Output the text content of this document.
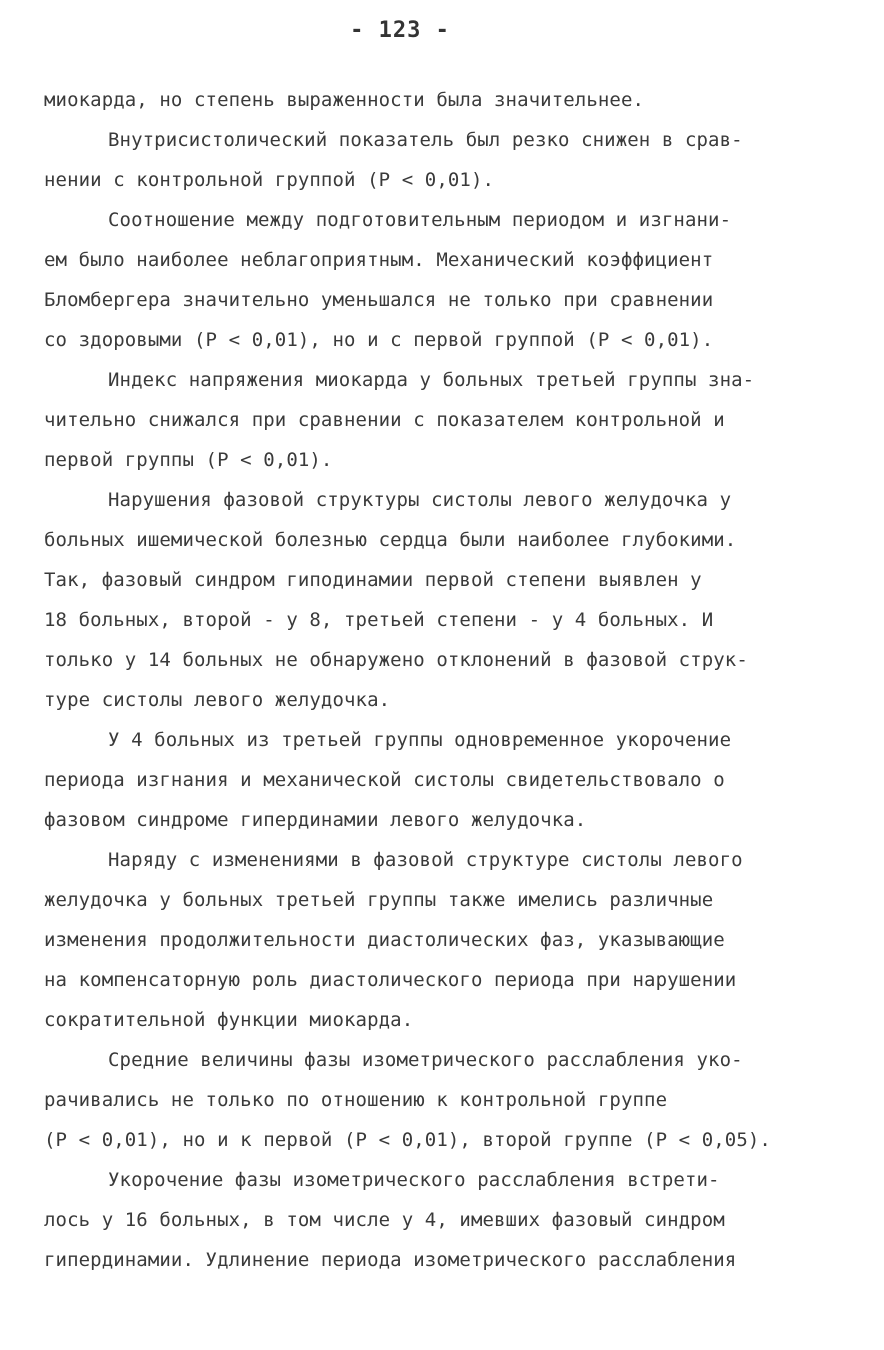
- 123 -
миокарда, но степень выраженности была значительнее.
Внутрисистолический показатель был резко снижен в срав-
нении с контрольной группой (Р < 0,01).
Соотношение между подготовительным периодом и изгнани-
ем было наиболее неблагоприятным. Механический коэффициент
Бломбергера значительно уменьшался не только при сравнении
со здоровыми (Р < 0,01), но и с первой группой (Р < 0,01).
Индекс напряжения миокарда у больных третьей группы зна-
чительно снижался при сравнении с показателем контрольной и
первой группы (Р < 0,01).
Нарушения фазовой структуры систолы левого желудочка у
больных ишемической болезнью сердца были наиболее глубокими.
Так, фазовый синдром гиподинамии первой степени выявлен у
18 больных, второй - у 8, третьей степени - у 4 больных. И
только у 14 больных не обнаружено отклонений в фазовой струк-
туре систолы левого желудочка.
У 4 больных из третьей группы одновременное укорочение
периода изгнания и механической систолы свидетельствовало о
фазовом синдроме гипердинамии левого желудочка.
Наряду с изменениями в фазовой структуре систолы левого
желудочка у больных третьей группы также имелись различные
изменения продолжительности диастолических фаз, указывающие
на компенсаторную роль диастолического периода при нарушении
сократительной функции миокарда.
Средние величины фазы изометрического расслабления уко-
рачивались не только по отношению к контрольной группе
(Р < 0,01), но и к первой (Р < 0,01), второй группе (Р < 0,05).
Укорочение фазы изометрического расслабления встрети-
лось у 16 больных, в том числе у 4, имевших фазовый синдром
гипердинамии. Удлинение периода изометрического расслабления
